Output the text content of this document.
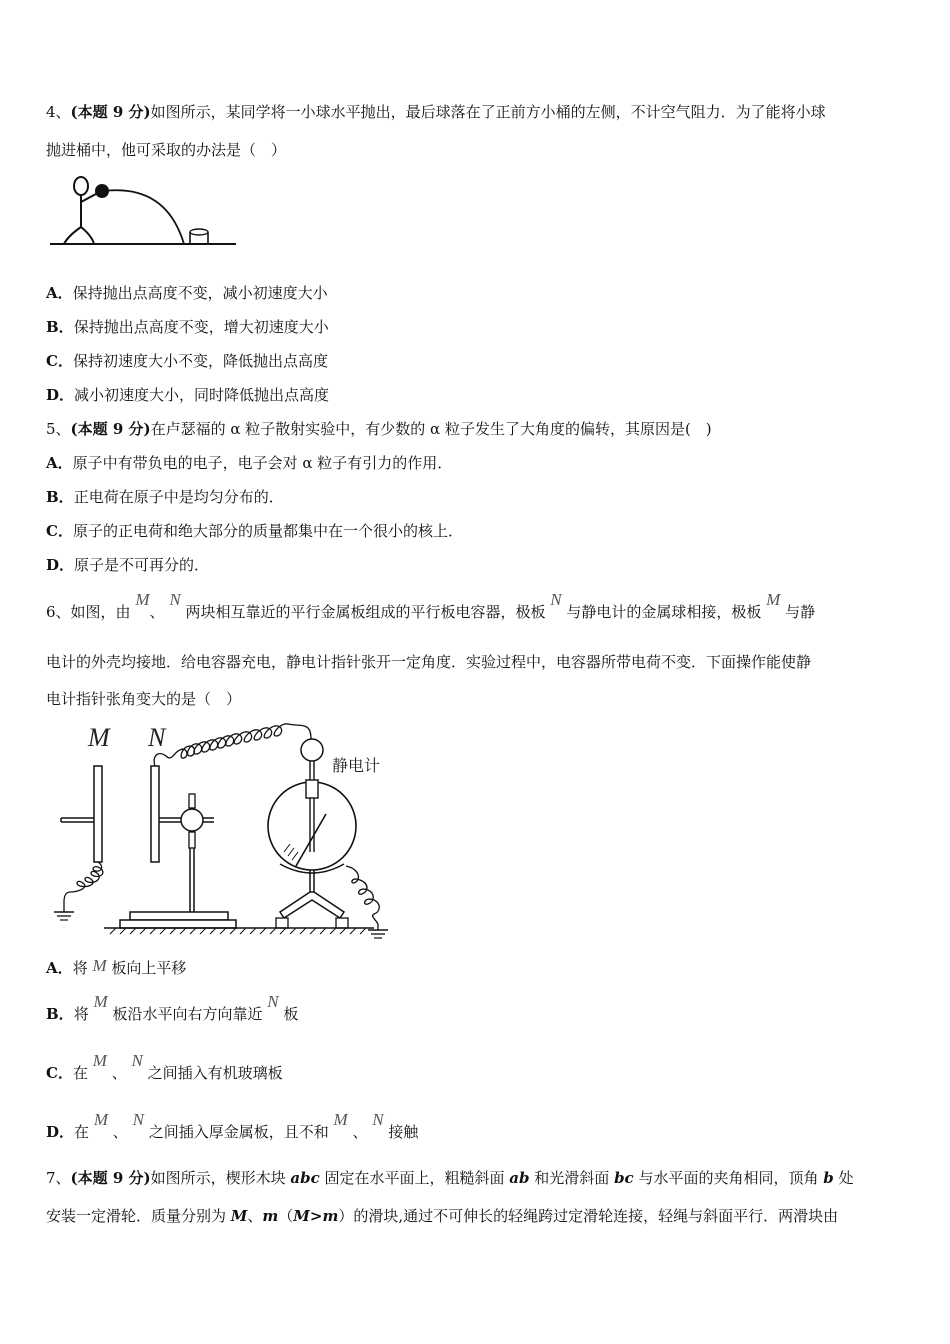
4、(本题 9 分)如图所示，某同学将一小球水平抛出，最后球落在了正前方小桶的左侧，不计空气阻力．为了能将小球
抛进桶中，他可采取的办法是（　）
A．保持抛出点高度不变，减小初速度大小
B．保持抛出点高度不变，增大初速度大小
C．保持初速度大小不变，降低抛出点高度
D．减小初速度大小，同时降低抛出点高度
5、(本题 9 分)在卢瑟福的 α 粒子散射实验中，有少数的 α 粒子发生了大角度的偏转，其原因是(　)
A．原子中有带负电的电子，电子会对 α 粒子有引力的作用．
B．正电荷在原子中是均匀分布的．
C．原子的正电荷和绝大部分的质量都集中在一个很小的核上．
D．原子是不可再分的．
6、如图，由 M、 N 两块相互靠近的平行金属板组成的平行板电容器，极板 N 与静电计的金属球相接，极板 M 与静
电计的外壳均接地．给电容器充电，静电计指针张开一定角度．实验过程中，电容器所带电荷不变．下面操作能使静
电计指针张角变大的是（　）
M N
静电计
A．将 M 板向上平移
B．将 M 板沿水平向右方向靠近 N 板
C．在 M 、 N 之间插入有机玻璃板
D．在 M 、 N 之间插入厚金属板，且不和 M 、 N 接触
7、(本题 9 分)如图所示，楔形木块 abc 固定在水平面上，粗糙斜面 ab 和光滑斜面 bc 与水平面的夹角相同，顶角 b 处
安装一定滑轮．质量分别为 M、m（M>m）的滑块,通过不可伸长的轻绳跨过定滑轮连接，轻绳与斜面平行．两滑块由
